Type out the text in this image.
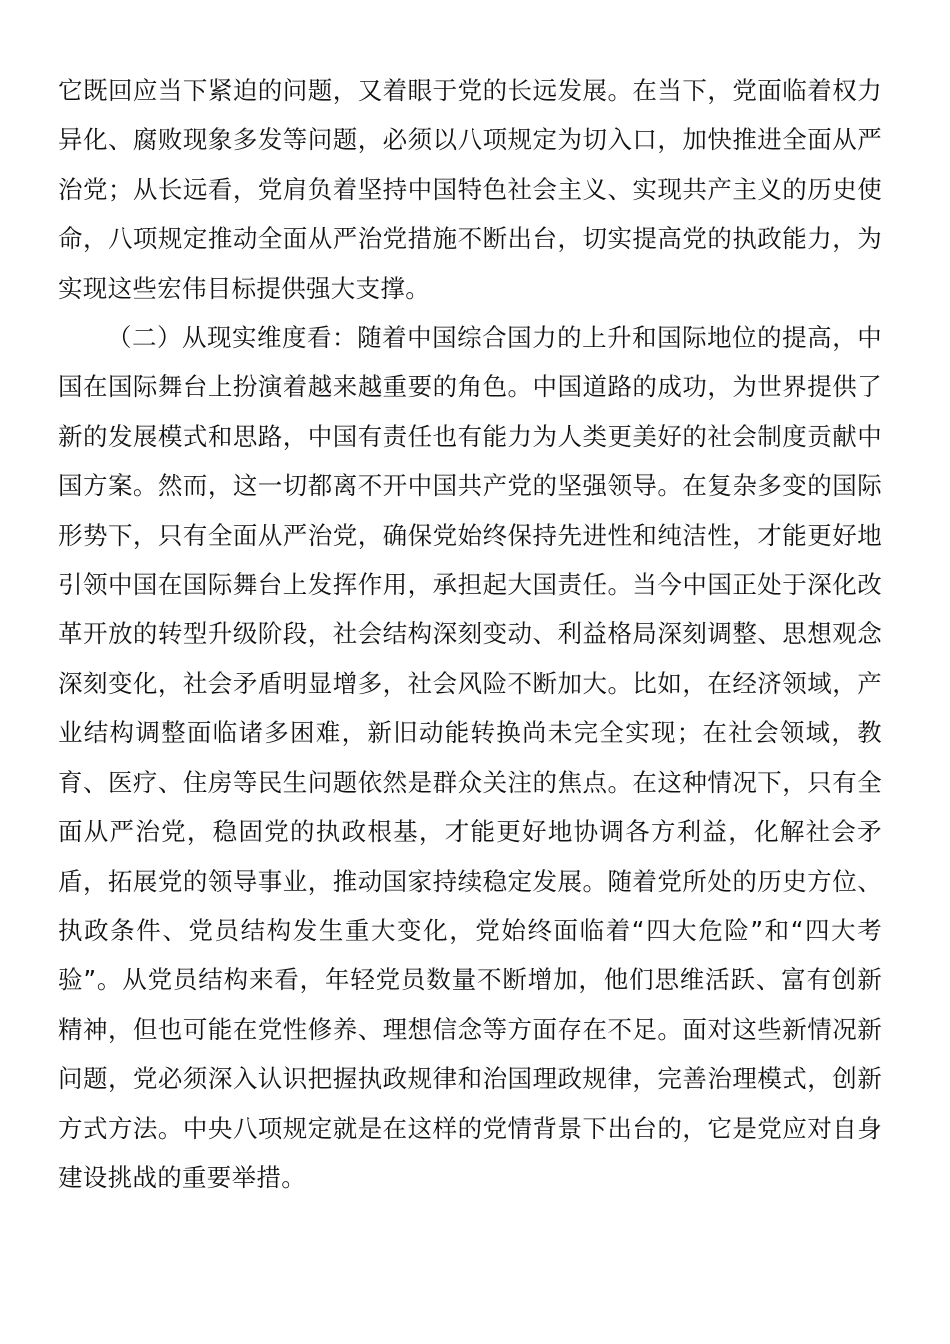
它既回应当下紧迫的问题，又着眼于党的长远发展。在当下，党面临着权力异化、腐败现象多发等问题，必须以八项规定为切入口，加快推进全面从严治党；从长远看，党肩负着坚持中国特色社会主义、实现共产主义的历史使命，八项规定推动全面从严治党措施不断出台，切实提高党的执政能力，为实现这些宏伟目标提供强大支撑。

（二）从现实维度看：随着中国综合国力的上升和国际地位的提高，中国在国际舞台上扮演着越来越重要的角色。中国道路的成功，为世界提供了新的发展模式和思路，中国有责任也有能力为人类更美好的社会制度贡献中国方案。然而，这一切都离不开中国共产党的坚强领导。在复杂多变的国际形势下，只有全面从严治党，确保党始终保持先进性和纯洁性，才能更好地引领中国在国际舞台上发挥作用，承担起大国责任。当今中国正处于深化改革开放的转型升级阶段，社会结构深刻变动、利益格局深刻调整、思想观念深刻变化，社会矛盾明显增多，社会风险不断加大。比如，在经济领域，产业结构调整面临诸多困难，新旧动能转换尚未完全实现；在社会领域，教育、医疗、住房等民生问题依然是群众关注的焦点。在这种情况下，只有全面从严治党，稳固党的执政根基，才能更好地协调各方利益，化解社会矛盾，拓展党的领导事业，推动国家持续稳定发展。随着党所处的历史方位、执政条件、党员结构发生重大变化，党始终面临着“四大危险”和“四大考验”。从党员结构来看，年轻党员数量不断增加，他们思维活跃、富有创新精神，但也可能在党性修养、理想信念等方面存在不足。面对这些新情况新问题，党必须深入认识把握执政规律和治国理政规律，完善治理模式，创新方式方法。中央八项规定就是在这样的党情背景下出台的，它是党应对自身建设挑战的重要举措。
